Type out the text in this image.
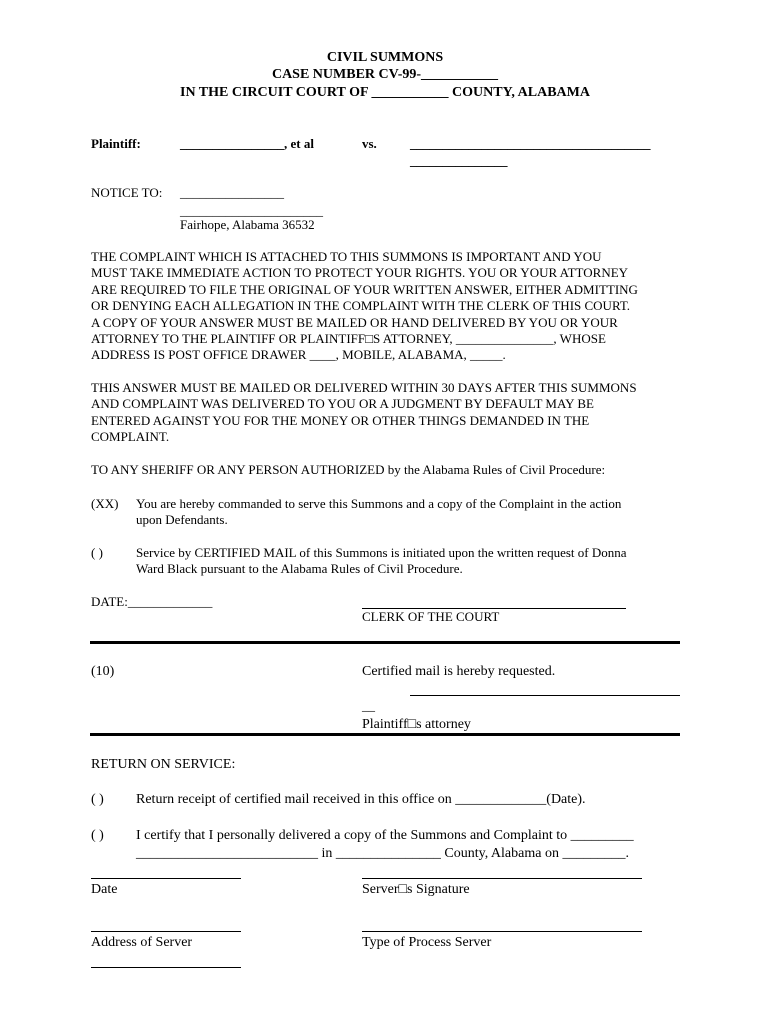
CIVIL SUMMONS
CASE NUMBER CV-99-___________
IN THE CIRCUIT COURT OF ___________ COUNTY, ALABAMA
Plaintiff:	________________, et al	vs.	_____________________________________
_______________
NOTICE TO: ________________
______________________
Fairhope, Alabama 36532
THE COMPLAINT WHICH IS ATTACHED TO THIS SUMMONS IS IMPORTANT AND YOU
MUST TAKE IMMEDIATE ACTION TO PROTECT YOUR RIGHTS. YOU OR YOUR ATTORNEY
ARE REQUIRED TO FILE THE ORIGINAL OF YOUR WRITTEN ANSWER, EITHER ADMITTING
OR DENYING EACH ALLEGATION IN THE COMPLAINT WITH THE CLERK OF THIS COURT.
A COPY OF YOUR ANSWER MUST BE MAILED OR HAND DELIVERED BY YOU OR YOUR
ATTORNEY TO THE PLAINTIFF OR PLAINTIFF□S ATTORNEY, _______________, WHOSE
ADDRESS IS POST OFFICE DRAWER ____, MOBILE, ALABAMA, _____.
THIS ANSWER MUST BE MAILED OR DELIVERED WITHIN 30 DAYS AFTER THIS SUMMONS
AND COMPLAINT WAS DELIVERED TO YOU OR A JUDGMENT BY DEFAULT MAY BE
ENTERED AGAINST YOU FOR THE MONEY OR OTHER THINGS DEMANDED IN THE
COMPLAINT.
TO ANY SHERIFF OR ANY PERSON AUTHORIZED by the Alabama Rules of Civil Procedure:
(XX) You are hereby commanded to serve this Summons and a copy of the Complaint in the action
upon Defendants.
( )	Service by CERTIFIED MAIL of this Summons is initiated upon the written request of Donna
Ward Black pursuant to the Alabama Rules of Civil Procedure.
DATE:_____________
CLERK OF THE COURT
(10)	Certified mail is hereby requested.
__
Plaintiff□s attorney
RETURN ON SERVICE:
( ) Return receipt of certified mail received in this office on _____________(Date).
( ) I certify that I personally delivered a copy of the Summons and Complaint to _________
__________________________ in _______________ County, Alabama on _________.
Date	Server□s Signature
Address of Server	Type of Process Server
